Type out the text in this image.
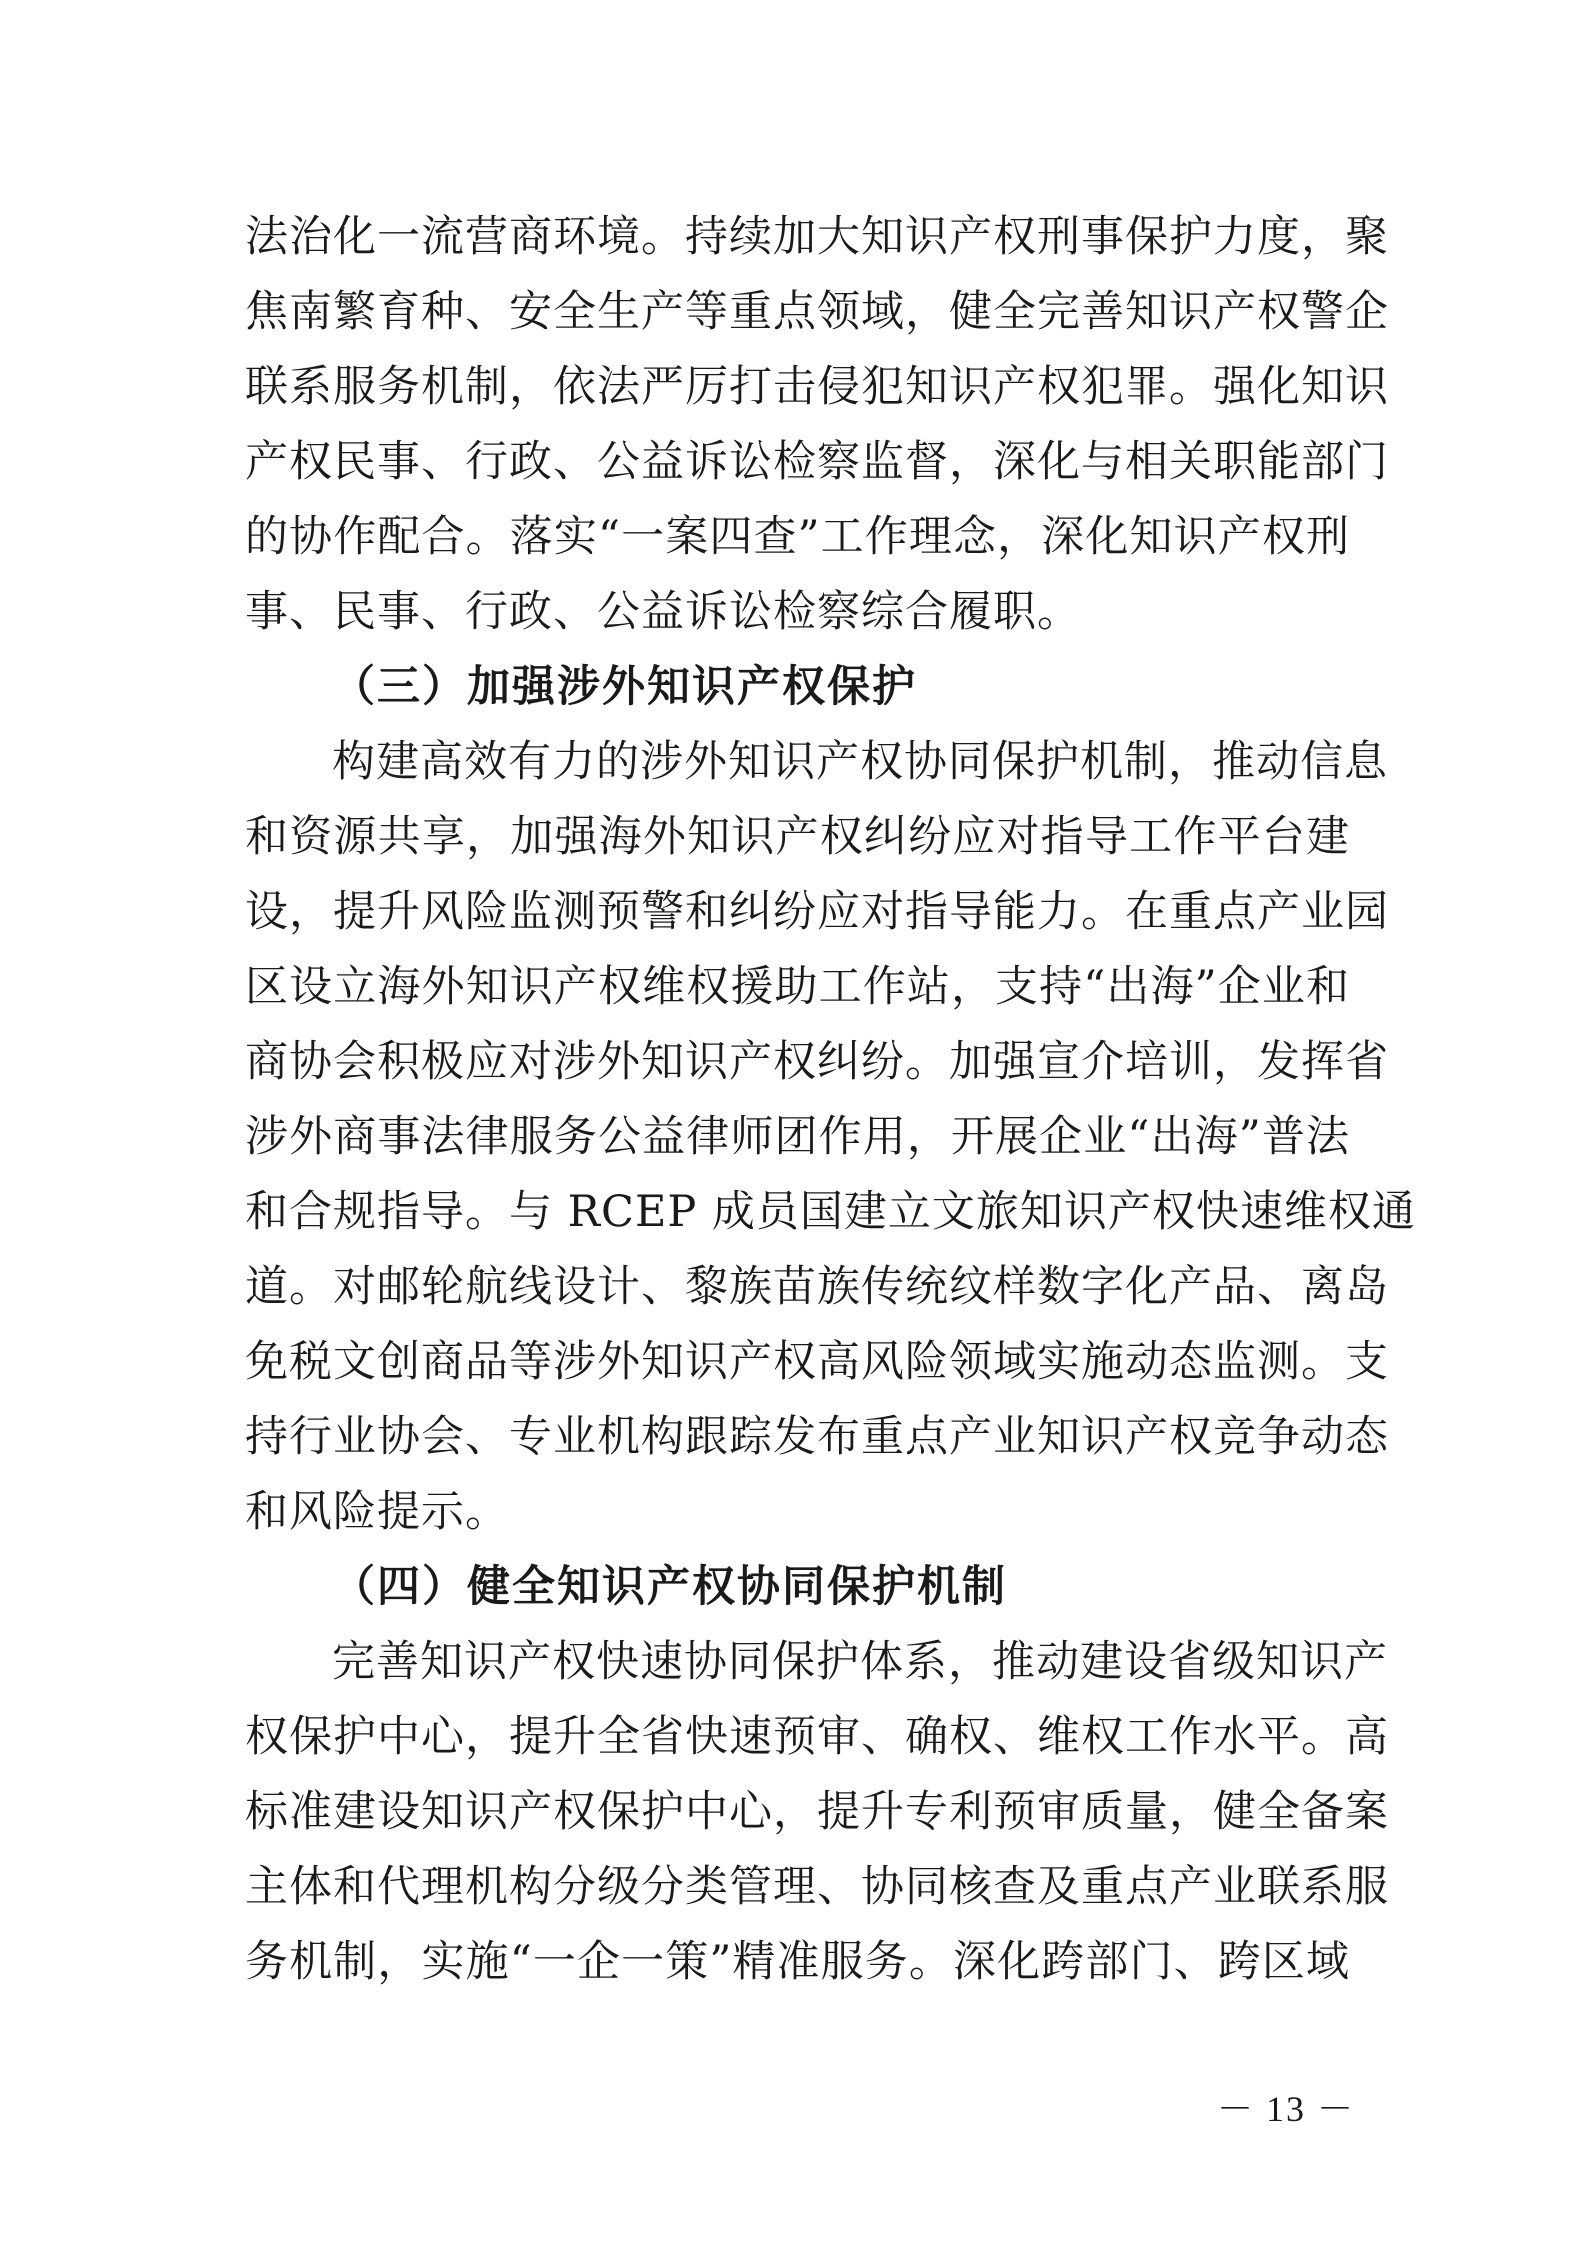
法治化一流营商环境。持续加大知识产权刑事保护力度，聚
焦南繁育种、安全生产等重点领域，健全完善知识产权警企
联系服务机制，依法严厉打击侵犯知识产权犯罪。强化知识
产权民事、行政、公益诉讼检察监督，深化与相关职能部门
的协作配合。落实“一案四查”工作理念，深化知识产权刑
事、民事、行政、公益诉讼检察综合履职。
（三）加强涉外知识产权保护
构建高效有力的涉外知识产权协同保护机制，推动信息
和资源共享，加强海外知识产权纠纷应对指导工作平台建
设，提升风险监测预警和纠纷应对指导能力。在重点产业园
区设立海外知识产权维权援助工作站，支持“出海”企业和
商协会积极应对涉外知识产权纠纷。加强宣介培训，发挥省
涉外商事法律服务公益律师团作用，开展企业“出海”普法
和合规指导。与 RCEP 成员国建立文旅知识产权快速维权通
道。对邮轮航线设计、黎族苗族传统纹样数字化产品、离岛
免税文创商品等涉外知识产权高风险领域实施动态监测。支
持行业协会、专业机构跟踪发布重点产业知识产权竞争动态
和风险提示。
（四）健全知识产权协同保护机制
完善知识产权快速协同保护体系，推动建设省级知识产
权保护中心，提升全省快速预审、确权、维权工作水平。高
标准建设知识产权保护中心，提升专利预审质量，健全备案
主体和代理机构分级分类管理、协同核查及重点产业联系服
务机制，实施“一企一策”精准服务。深化跨部门、跨区域
－ 13 －
